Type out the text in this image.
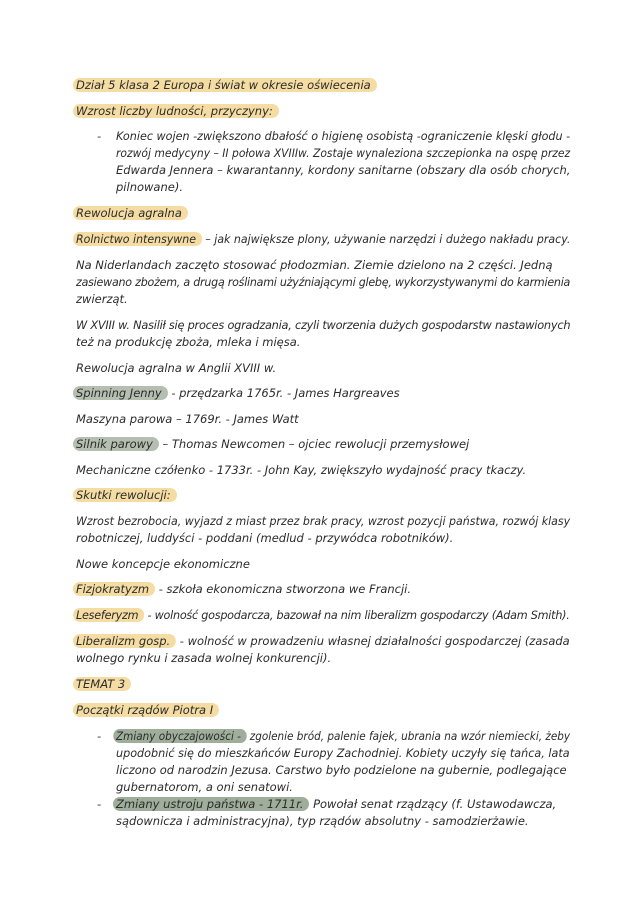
Dział 5 klasa 2 Europa i świat w okresie oświecenia
Wzrost liczby ludności, przyczyny:
- Koniec wojen -zwiększono dbałość o higienę osobistą -ograniczenie klęski głodu -
rozwój medycyny – II połowa XVIIIw. Zostaje wynaleziona szczepionka na ospę przez
Edwarda Jennera – kwarantanny, kordony sanitarne (obszary dla osób chorych,
pilnowane).
Rewolucja agralna
Rolnictwo intensywne – jak największe plony, używanie narzędzi i dużego nakładu pracy.
Na Niderlandach zaczęto stosować płodozmian. Ziemie dzielono na 2 części. Jedną
zasiewano zbożem, a drugą roślinami użyźniającymi glebę, wykorzystywanymi do karmienia
zwierząt.
W XVIII w. Nasilił się proces ogradzania, czyli tworzenia dużych gospodarstw nastawionych
też na produkcję zboża, mleka i mięsa.
Rewolucja agralna w Anglii XVIII w.
Spinning Jenny - przędzarka 1765r. - James Hargreaves
Maszyna parowa – 1769r. - James Watt
Silnik parowy – Thomas Newcomen – ojciec rewolucji przemysłowej
Mechaniczne czółenko - 1733r. - John Kay, zwiększyło wydajność pracy tkaczy.
Skutki rewolucji:
Wzrost bezrobocia, wyjazd z miast przez brak pracy, wzrost pozycji państwa, rozwój klasy
robotniczej, luddyści - poddani (medlud - przywódca robotników).
Nowe koncepcje ekonomiczne
Fizjokratyzm - szkoła ekonomiczna stworzona we Francji.
Leseferyzm - wolność gospodarcza, bazował na nim liberalizm gospodarczy (Adam Smith).
Liberalizm gosp. - wolność w prowadzeniu własnej działalności gospodarczej (zasada
wolnego rynku i zasada wolnej konkurencji).
TEMAT 3
Początki rządów Piotra I
- Zmiany obyczajowości - zgolenie bród, palenie fajek, ubrania na wzór niemiecki, żeby
upodobnić się do mieszkańców Europy Zachodniej. Kobiety uczyły się tańca, lata
liczono od narodzin Jezusa. Carstwo było podzielone na gubernie, podlegające
gubernatorom, a oni senatowi.
- Zmiany ustroju państwa - 1711r. Powołał senat rządzący (f. Ustawodawcza,
sądownicza i administracyjna), typ rządów absolutny - samodzierżawie.
